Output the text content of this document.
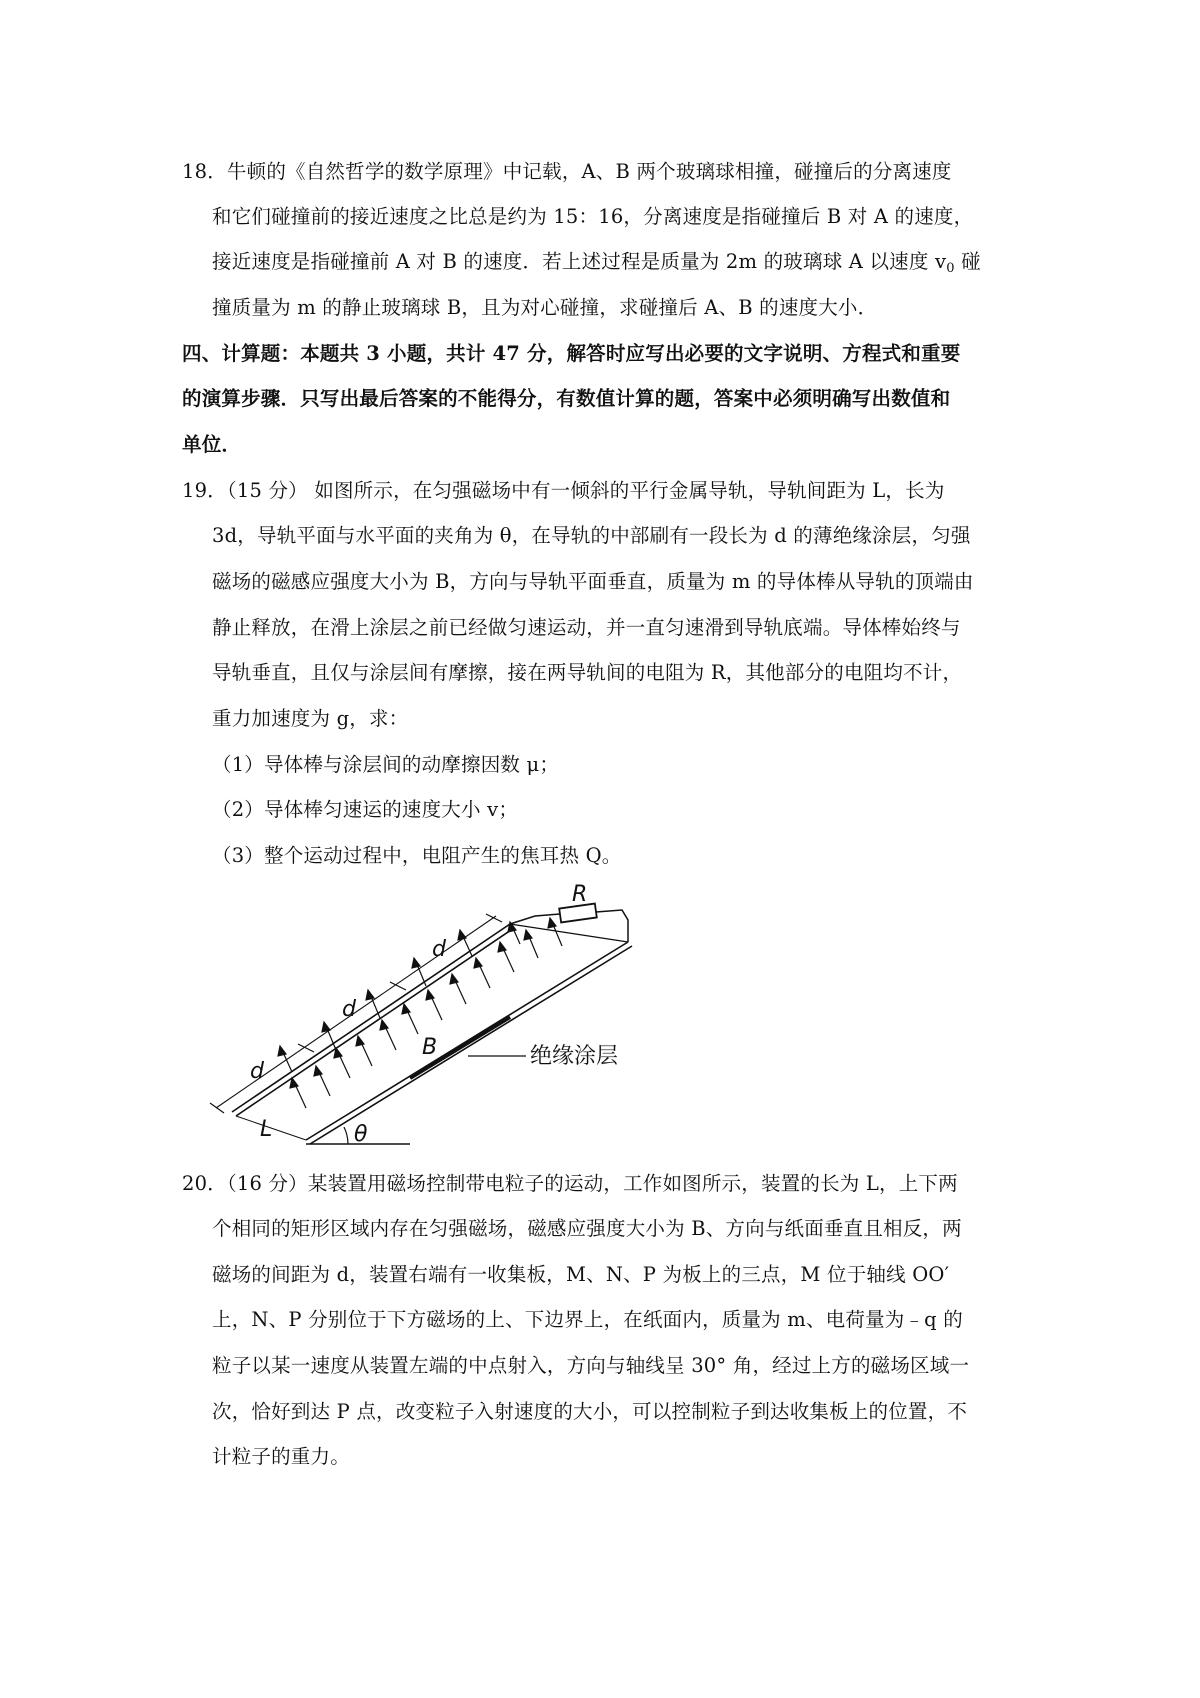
18．牛顿的《自然哲学的数学原理》中记载，A、B 两个玻璃球相撞，碰撞后的分离速度
和它们碰撞前的接近速度之比总是约为 15：16，分离速度是指碰撞后 B 对 A 的速度，
接近速度是指碰撞前 A 对 B 的速度．若上述过程是质量为 2m 的玻璃球 A 以速度 $v_0$ 碰
撞质量为 m 的静止玻璃球 B，且为对心碰撞，求碰撞后 A、B 的速度大小．
四、计算题：本题共 3 小题，共计 47 分，解答时应写出必要的文字说明、方程式和重要
的演算步骤．只写出最后答案的不能得分，有数值计算的题，答案中必须明确写出数值和
单位．
19．（15 分） 如图所示，在匀强磁场中有一倾斜的平行金属导轨，导轨间距为 L，长为
3d，导轨平面与水平面的夹角为 θ，在导轨的中部刷有一段长为 d 的薄绝缘涂层，匀强
磁场的磁感应强度大小为 B，方向与导轨平面垂直，质量为 m 的导体棒从导轨的顶端由
静止释放，在滑上涂层之前已经做匀速运动，并一直匀速滑到导轨底端。导体棒始终与
导轨垂直，且仅与涂层间有摩擦，接在两导轨间的电阻为 R，其他部分的电阻均不计，
重力加速度为 g，求：
（1）导体棒与涂层间的动摩擦因数 μ；
（2）导体棒匀速运的速度大小 v；
（3）整个运动过程中，电阻产生的焦耳热 Q。
θ
d
d
d
B	绝缘涂层
L
R
20．（16 分）某装置用磁场控制带电粒子的运动，工作如图所示，装置的长为 L，上下两
个相同的矩形区域内存在匀强磁场，磁感应强度大小为 B、方向与纸面垂直且相反，两
磁场的间距为 d，装置右端有一收集板，M、N、P 为板上的三点，M 位于轴线 OO′
上，N、P 分别位于下方磁场的上、下边界上，在纸面内，质量为 m、电荷量为﹣q 的
粒子以某一速度从装置左端的中点射入，方向与轴线呈 30° 角，经过上方的磁场区域一
次，恰好到达 P 点，改变粒子入射速度的大小，可以控制粒子到达收集板上的位置，不
计粒子的重力。
